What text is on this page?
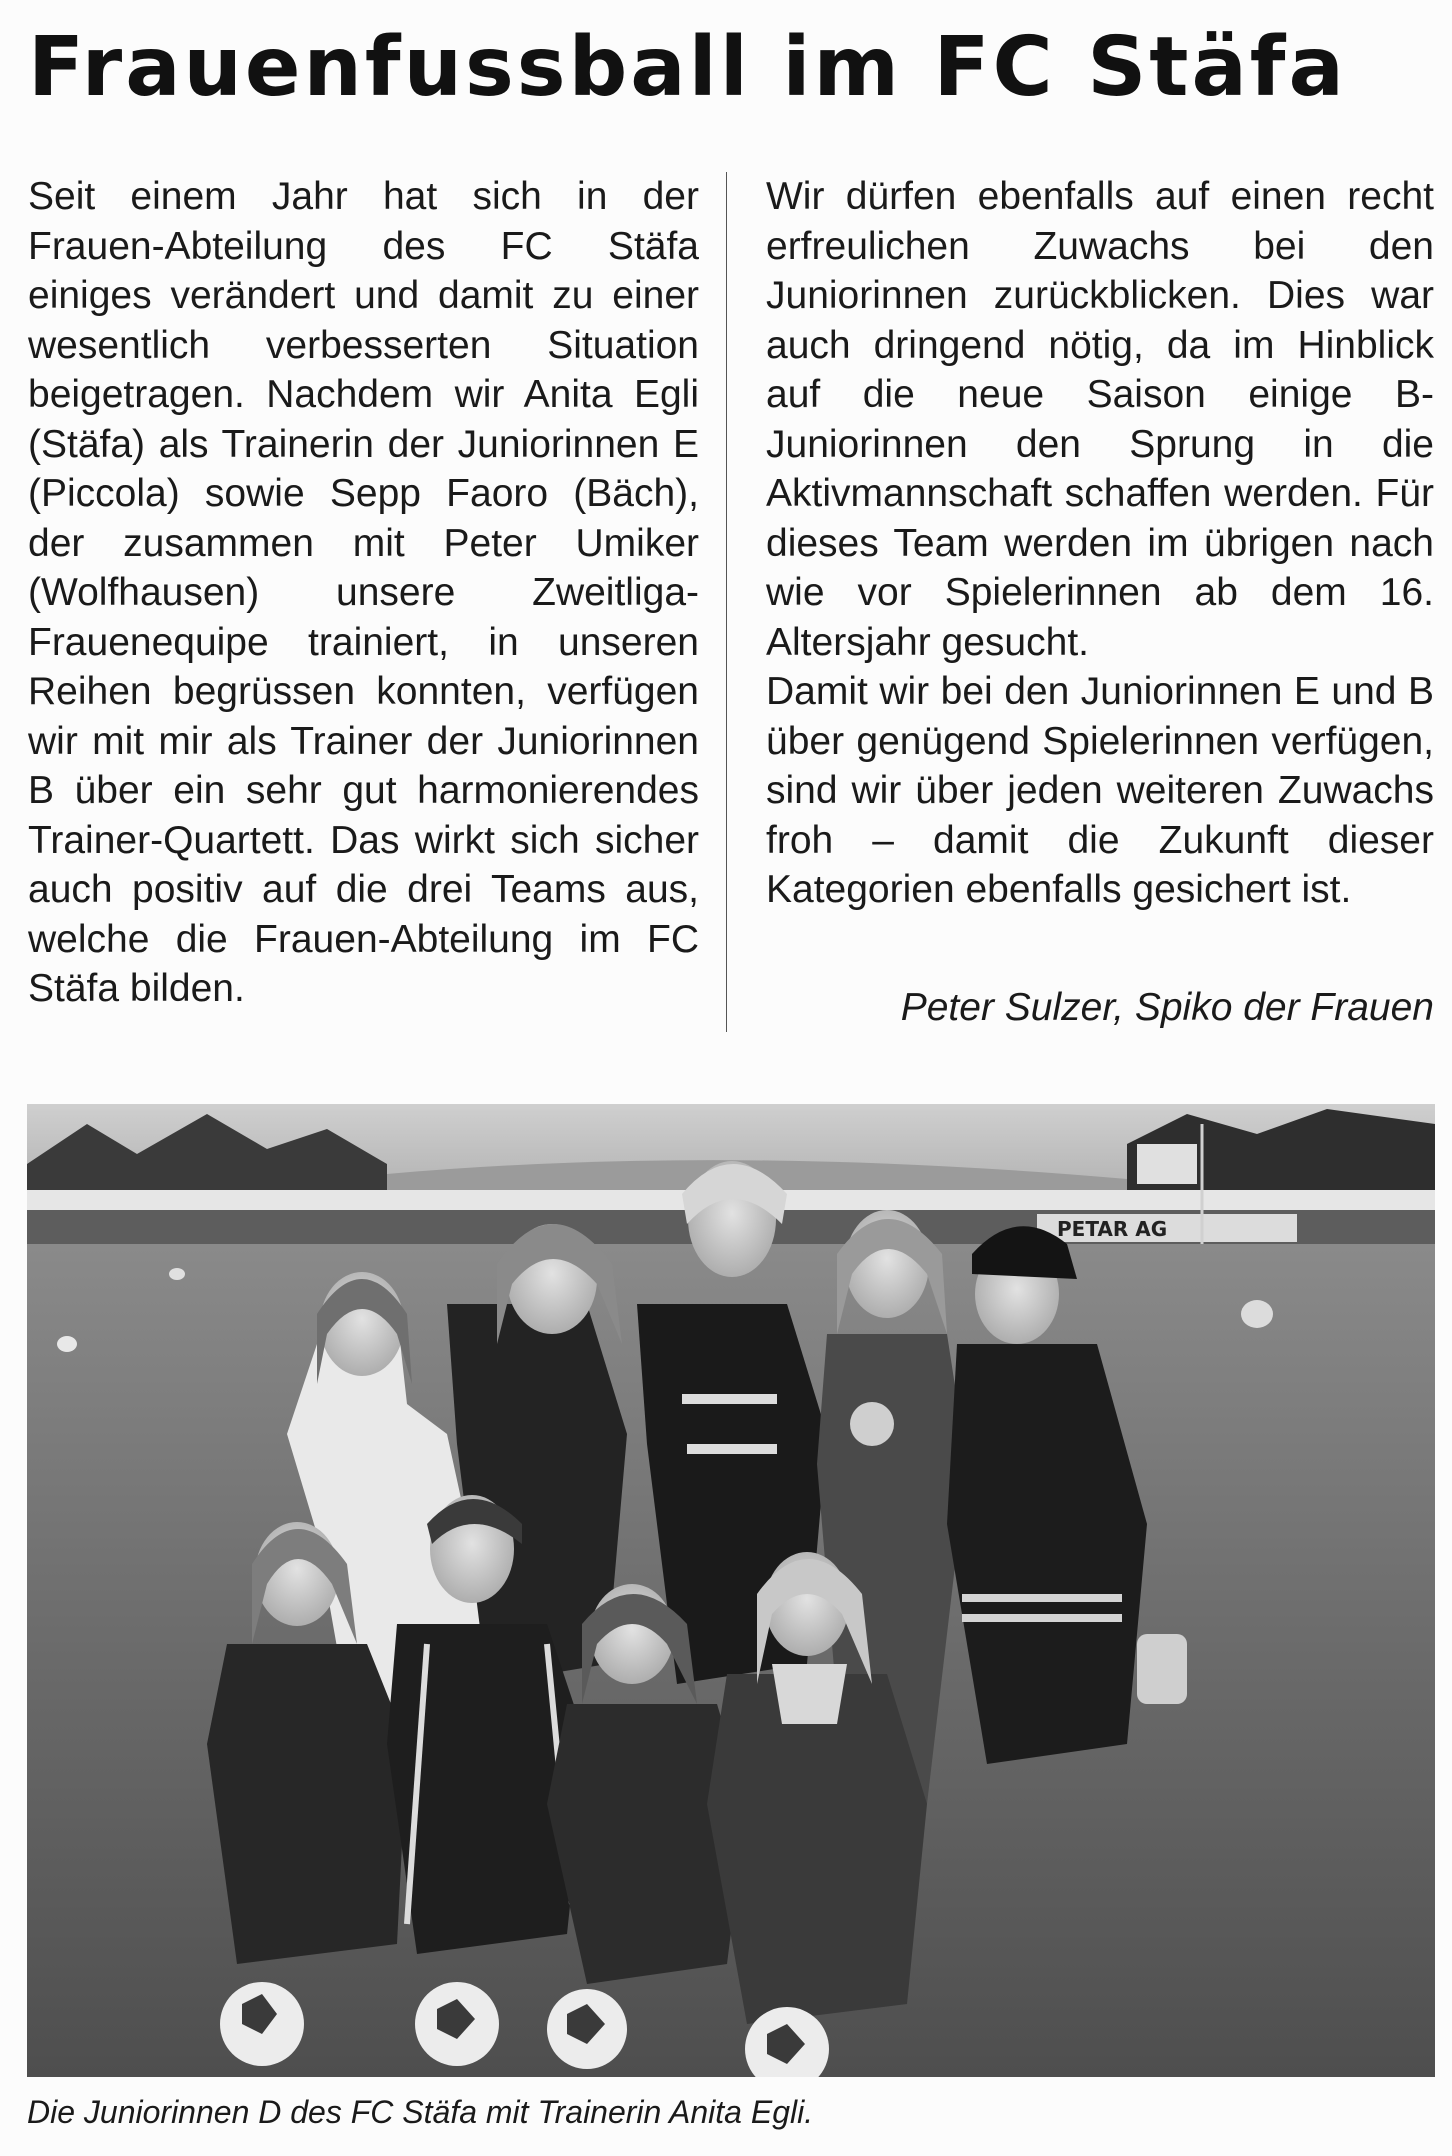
Frauenfussball im FC Stäfa

Seit einem Jahr hat sich in der Frauen-Abteilung des FC Stäfa einiges verändert und damit zu einer wesentlich verbesserten Situation beigetragen. Nachdem wir Anita Egli (Stäfa) als Trainerin der Juniorinnen E (Piccola) sowie Sepp Faoro (Bäch), der zusammen mit Peter Umiker (Wolfhausen) unsere Zweitliga-Frauenequipe trainiert, in unseren Reihen begrüssen konnten, verfügen wir mit mir als Trainer der Juniorinnen B über ein sehr gut harmonierendes Trainer-Quartett. Das wirkt sich sicher auch positiv auf die drei Teams aus, welche die Frauen-Abteilung im FC Stäfa bilden.

Wir dürfen ebenfalls auf einen recht erfreulichen Zuwachs bei den Juniorinnen zurückblicken. Dies war auch dringend nötig, da im Hinblick auf die neue Saison einige B-Juniorinnen den Sprung in die Aktivmannschaft schaffen werden. Für dieses Team werden im übrigen nach wie vor Spielerinnen ab dem 16. Altersjahr gesucht.

Damit wir bei den Juniorinnen E und B über genügend Spielerinnen verfügen, sind wir über jeden weiteren Zuwachs froh – damit die Zukunft dieser Kategorien ebenfalls gesichert ist.

Peter Sulzer, Spiko der Frauen
PETAR AG
Die Juniorinnen D des FC Stäfa mit Trainerin Anita Egli.
